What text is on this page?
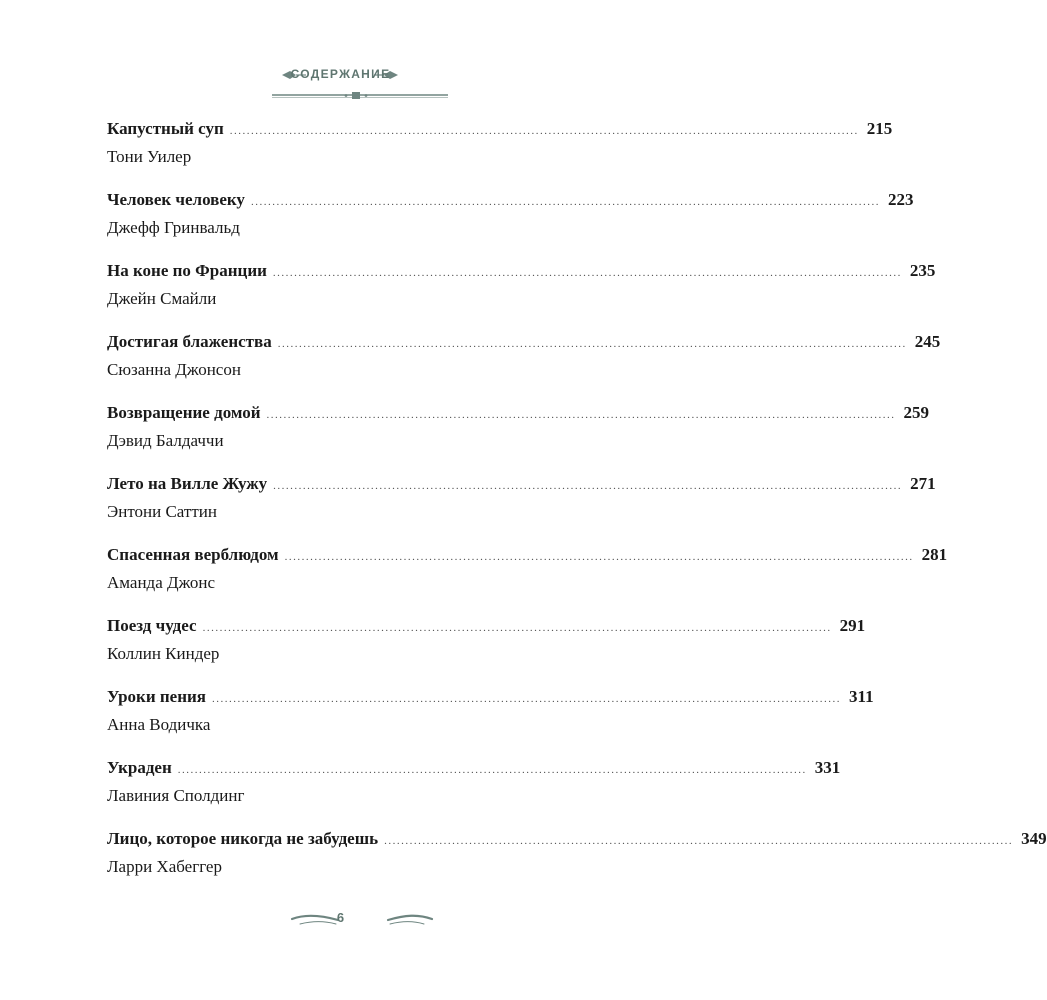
СОДЕРЖАНИЕ
Капустный суп .................................................................................................................................................... 215
Тони Уилер
Человек человеку .................................................................................................................................................... 223
Джефф Гринвальд
На коне по Франции .................................................................................................................................................... 235
Джейн Смайли
Достигая блаженства .................................................................................................................................................... 245
Сюзанна Джонсон
Возвращение домой .................................................................................................................................................... 259
Дэвид Балдаччи
Лето на Вилле Жужу .................................................................................................................................................... 271
Энтони Саттин
Спасенная верблюдом .................................................................................................................................................... 281
Аманда Джонс
Поезд чудес .................................................................................................................................................... 291
Коллин Киндер
Уроки пения .................................................................................................................................................... 311
Анна Водичка
Украден .................................................................................................................................................... 331
Лавиния Сполдинг
Лицо, которое никогда не забудешь .................................................................................................................................................... 349
Ларри Хабеггер
6
